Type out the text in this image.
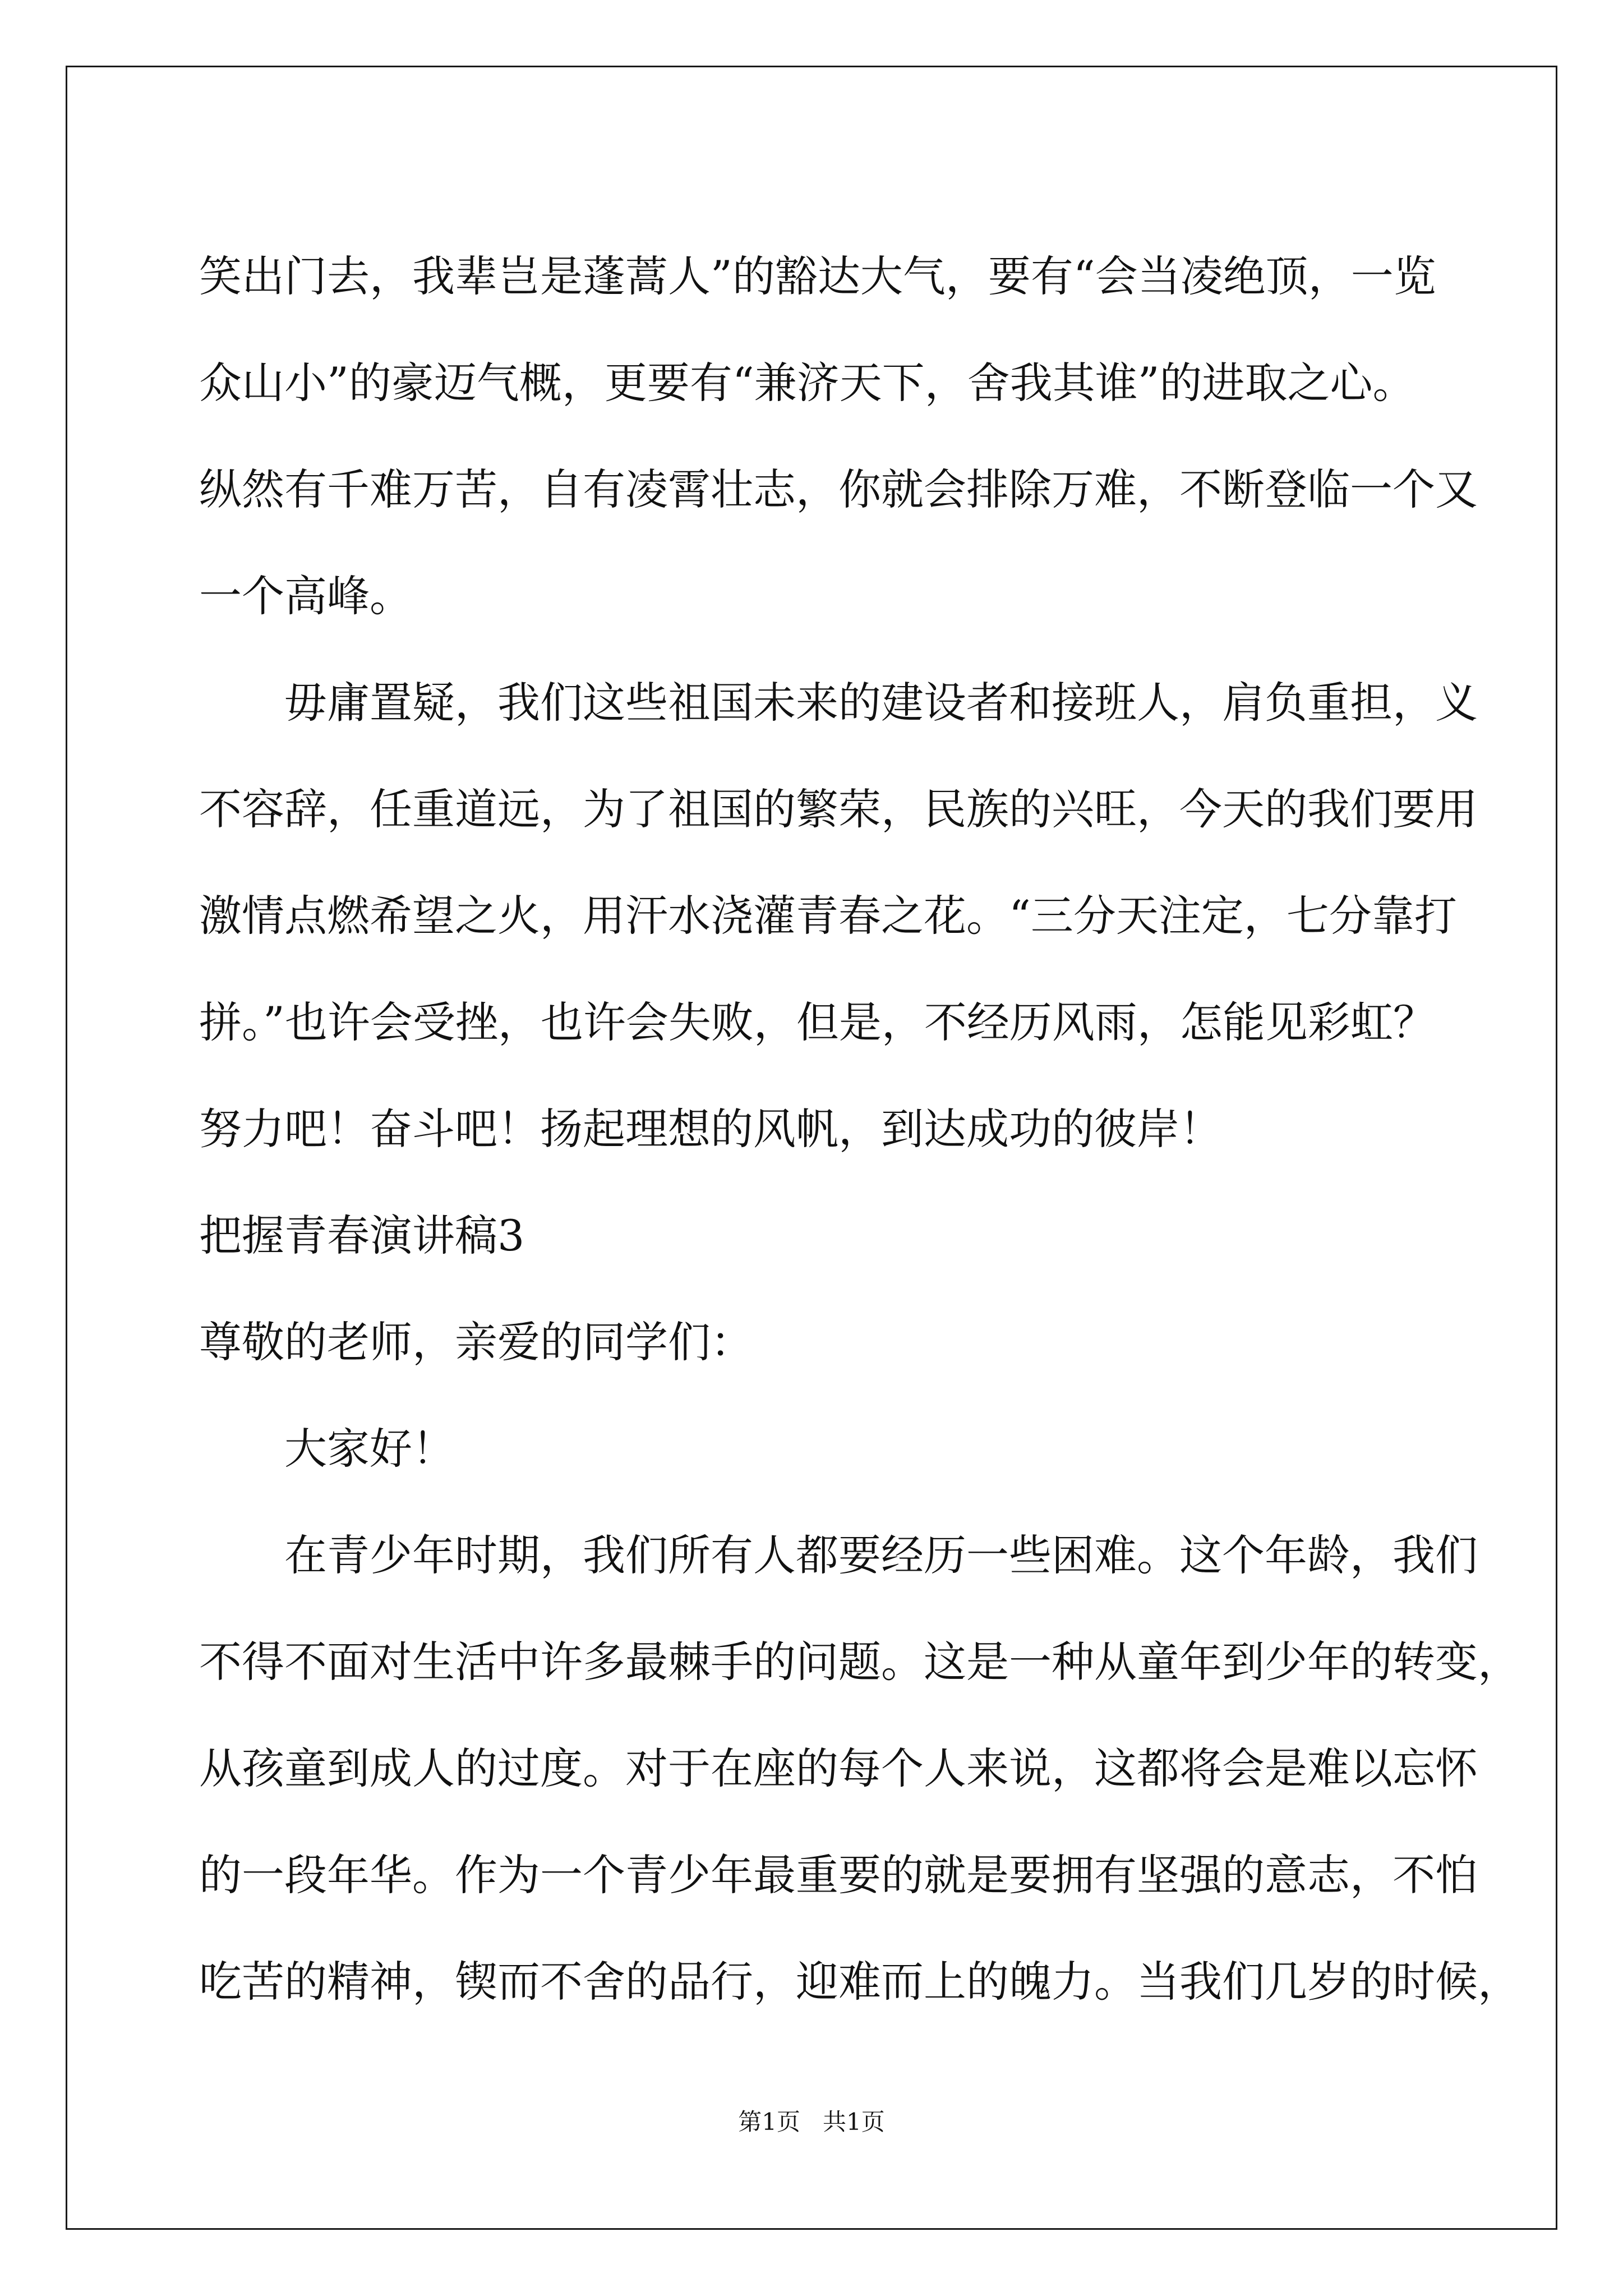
笑出门去，我辈岂是蓬蒿人”的豁达大气，要有“会当凌绝顶，一览
众山小”的豪迈气概，更要有“兼济天下，舍我其谁”的进取之心。
纵然有千难万苦，自有凌霄壮志，你就会排除万难，不断登临一个又
一个高峰。
毋庸置疑，我们这些祖国未来的建设者和接班人，肩负重担，义
不容辞，任重道远，为了祖国的繁荣，民族的兴旺，今天的我们要用
激情点燃希望之火，用汗水浇灌青春之花。“三分天注定，七分靠打
拼。”也许会受挫，也许会失败，但是，不经历风雨，怎能见彩虹？
努力吧！奋斗吧！扬起理想的风帆，到达成功的彼岸！
把握青春演讲稿3
尊敬的老师，亲爱的同学们：
大家好！
在青少年时期，我们所有人都要经历一些困难。这个年龄，我们
不得不面对生活中许多最棘手的问题。这是一种从童年到少年的转变，
从孩童到成人的过度。对于在座的每个人来说，这都将会是难以忘怀
的一段年华。作为一个青少年最重要的就是要拥有坚强的意志，不怕
吃苦的精神，锲而不舍的品行，迎难而上的魄力。当我们几岁的时候，
第1页   共1页
